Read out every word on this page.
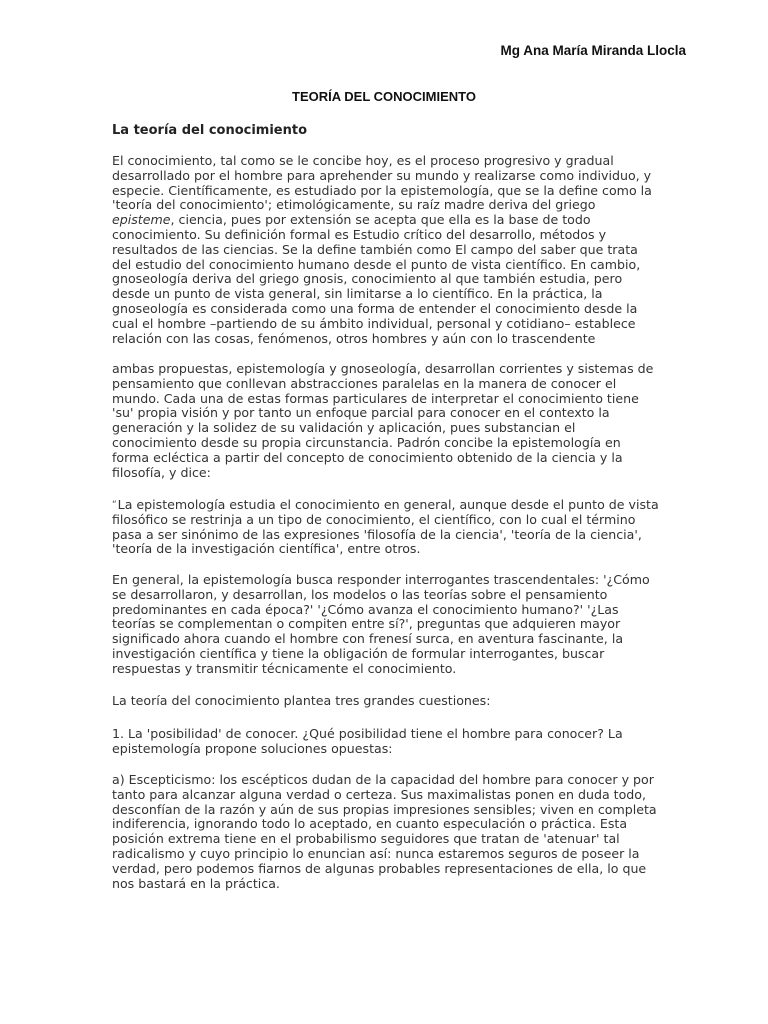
Mg Ana María Miranda Llocla
TEORÍA DEL CONOCIMIENTO
La teoría del conocimiento

El conocimiento, tal como se le concibe hoy, es el proceso progresivo y gradual desarrollado por el hombre para aprehender su mundo y realizarse como individuo, y especie. Científicamente, es estudiado por la epistemología, que se la define como la 'teoría del conocimiento'; etimológicamente, su raíz madre deriva del griego episteme, ciencia, pues por extensión se acepta que ella es la base de todo conocimiento. Su definición formal es Estudio crítico del desarrollo, métodos y resultados de las ciencias. Se la define también como El campo del saber que trata del estudio del conocimiento humano desde el punto de vista científico. En cambio, gnoseología deriva del griego gnosis, conocimiento al que también estudia, pero desde un punto de vista general, sin limitarse a lo científico. En la práctica, la gnoseología es considerada como una forma de entender el conocimiento desde la cual el hombre –partiendo de su ámbito individual, personal y cotidiano– establece relación con las cosas, fenómenos, otros hombres y aún con lo trascendente

ambas propuestas, epistemología y gnoseología, desarrollan corrientes y sistemas de pensamiento que conllevan abstracciones paralelas en la manera de conocer el mundo. Cada una de estas formas particulares de interpretar el conocimiento tiene 'su' propia visión y por tanto un enfoque parcial para conocer en el contexto la generación y la solidez de su validación y aplicación, pues substancian el conocimiento desde su propia circunstancia. Padrón concibe la epistemología en forma ecléctica a partir del concepto de conocimiento obtenido de la ciencia y la filosofía, y dice:

“La epistemología estudia el conocimiento en general, aunque desde el punto de vista filosófico se restrinja a un tipo de conocimiento, el científico, con lo cual el término pasa a ser sinónimo de las expresiones 'filosofía de la ciencia', 'teoría de la ciencia', 'teoría de la investigación científica', entre otros.

En general, la epistemología busca responder interrogantes trascendentales: '¿Cómo se desarrollaron, y desarrollan, los modelos o las teorías sobre el pensamiento predominantes en cada época?' '¿Cómo avanza el conocimiento humano?' '¿Las teorías se complementan o compiten entre sí?', preguntas que adquieren mayor significado ahora cuando el hombre con frenesí surca, en aventura fascinante, la investigación científica y tiene la obligación de formular interrogantes, buscar respuestas y transmitir técnicamente el conocimiento.

La teoría del conocimiento plantea tres grandes cuestiones:

1. La 'posibilidad' de conocer. ¿Qué posibilidad tiene el hombre para conocer? La epistemología propone soluciones opuestas:

a) Escepticismo: los escépticos dudan de la capacidad del hombre para conocer y por tanto para alcanzar alguna verdad o certeza. Sus maximalistas ponen en duda todo, desconfían de la razón y aún de sus propias impresiones sensibles; viven en completa indiferencia, ignorando todo lo aceptado, en cuanto especulación o práctica. Esta posición extrema tiene en el probabilismo seguidores que tratan de 'atenuar' tal radicalismo y cuyo principio lo enuncian así: nunca estaremos seguros de poseer la verdad, pero podemos fiarnos de algunas probables representaciones de ella, lo que nos bastará en la práctica.
